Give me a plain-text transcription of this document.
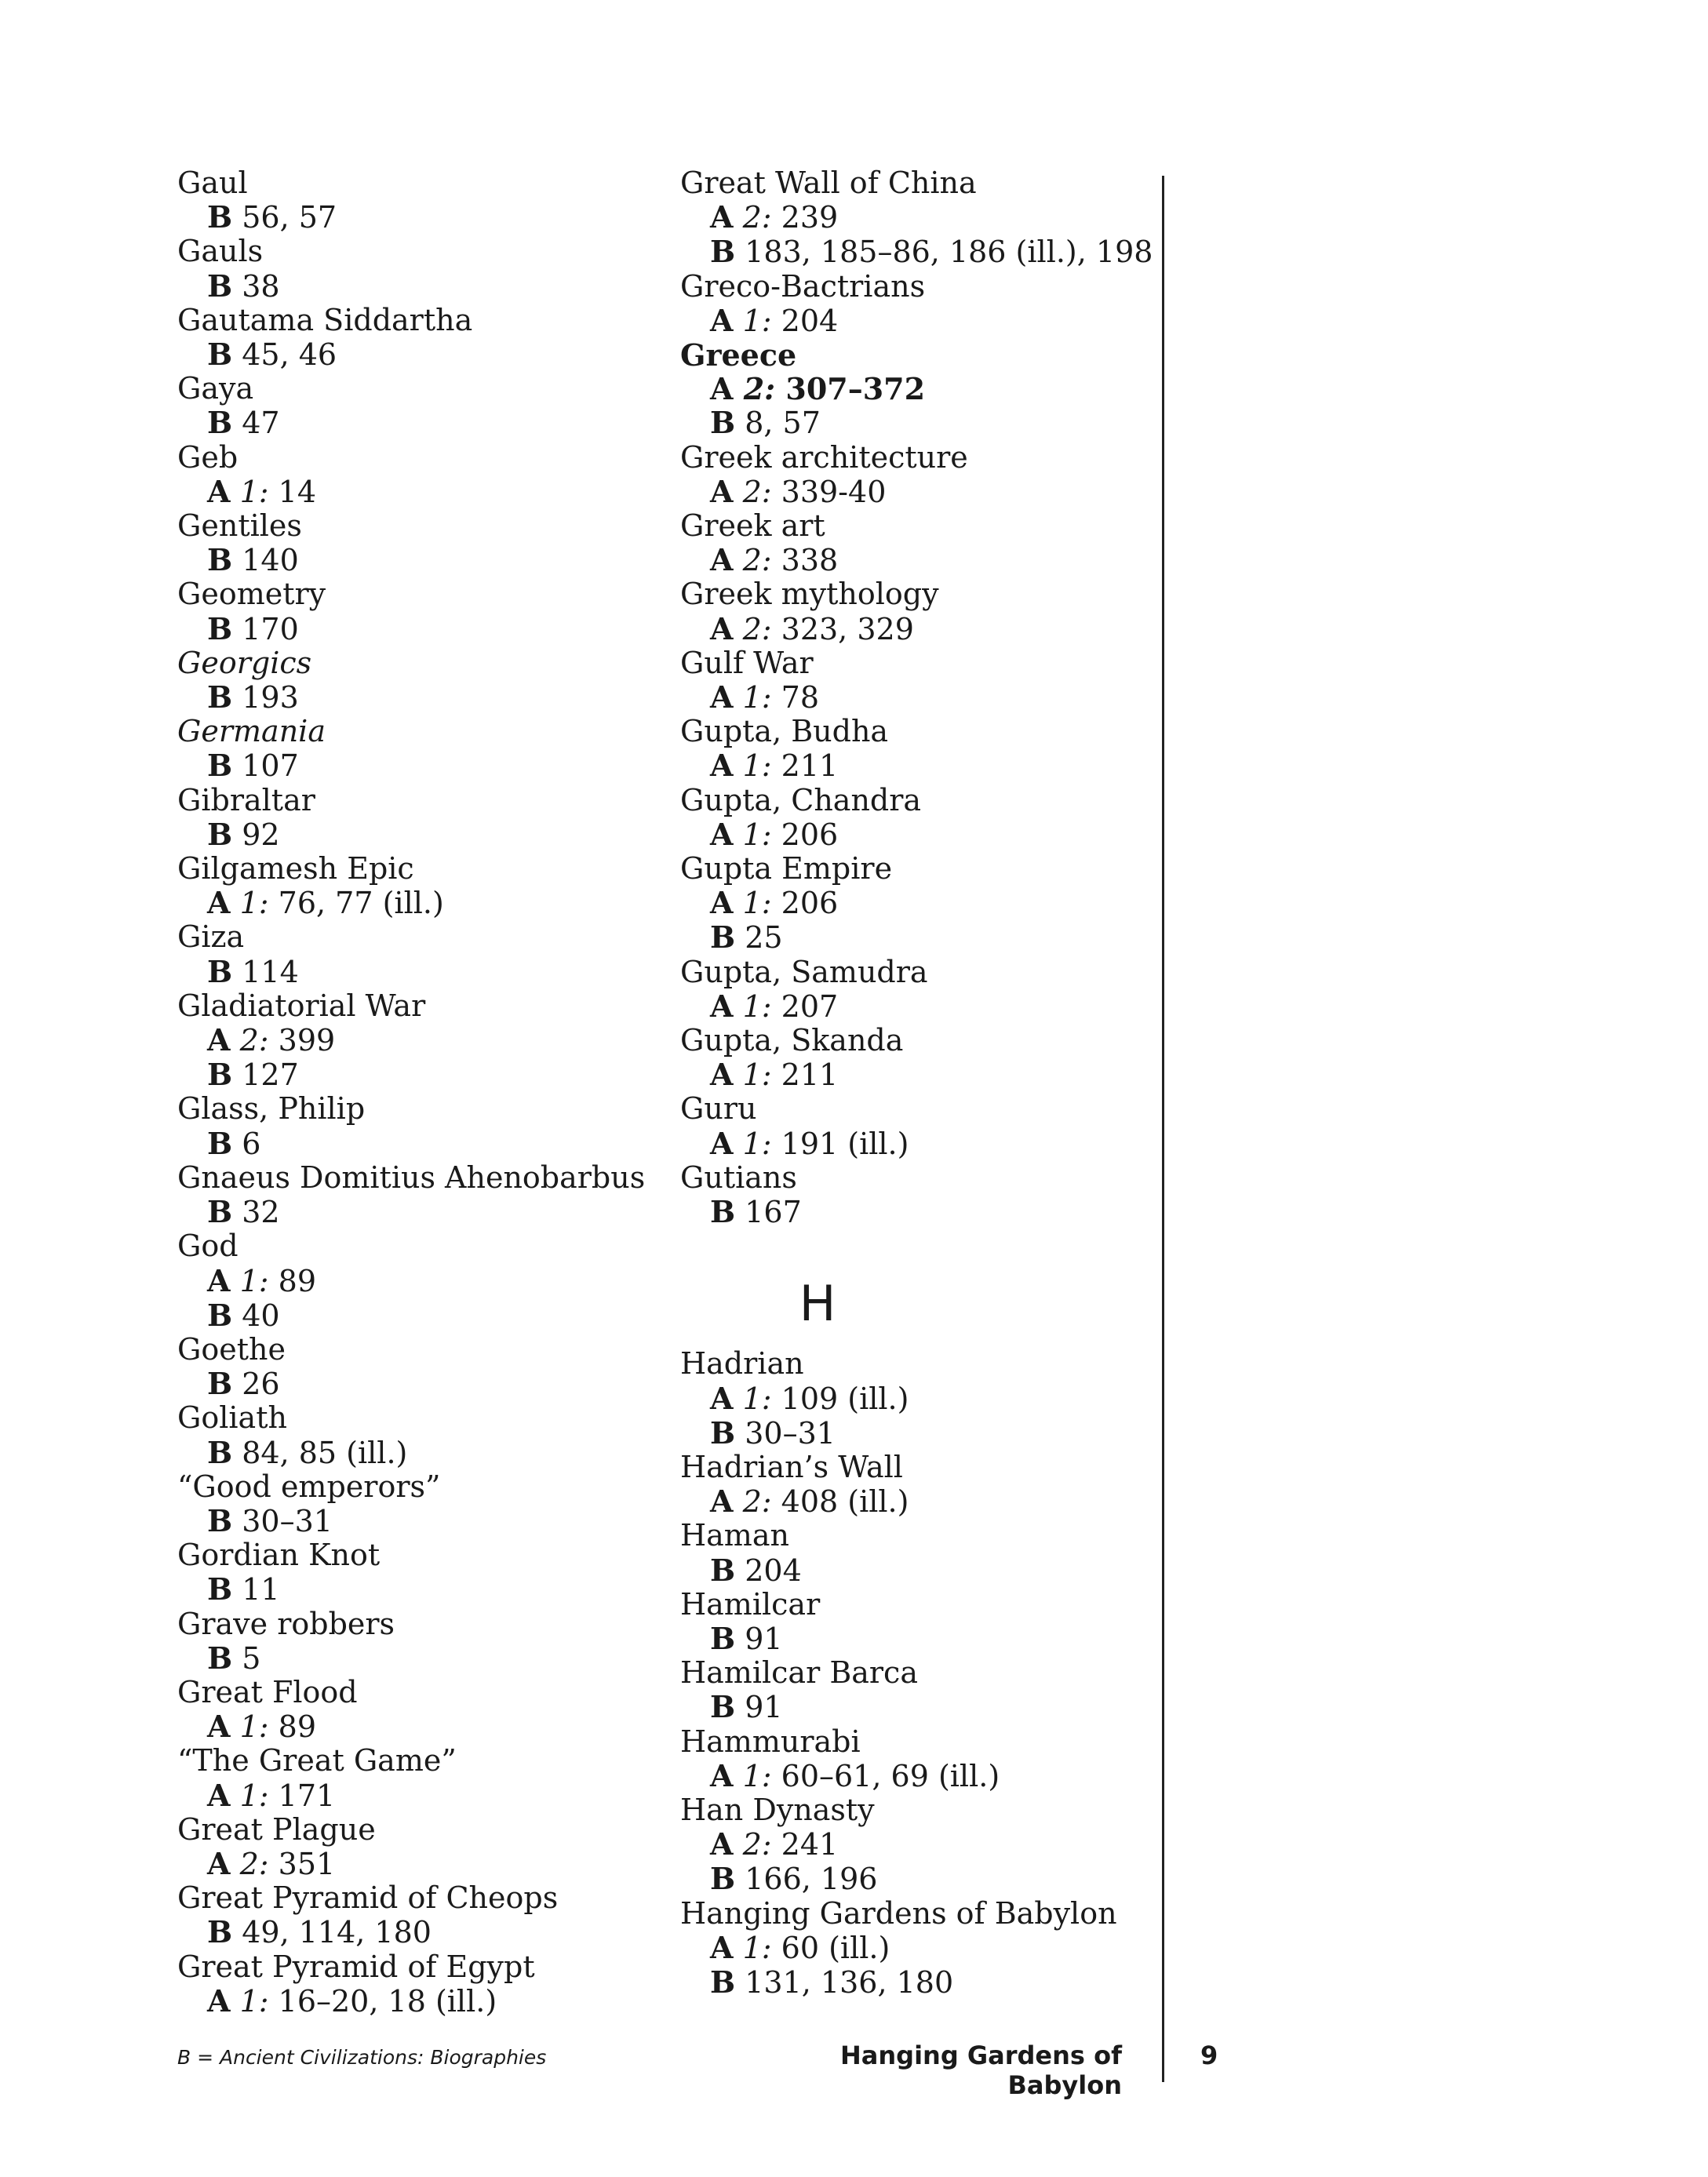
Gaul
B 56, 57
Gauls
B 38
Gautama Siddartha
B 45, 46
Gaya
B 47
Geb
A 1: 14
Gentiles
B 140
Geometry
B 170
Georgics
B 193
Germania
B 107
Gibraltar
B 92
Gilgamesh Epic
A 1: 76, 77 (ill.)
Giza
B 114
Gladiatorial War
A 2: 399
B 127
Glass, Philip
B 6
Gnaeus Domitius Ahenobarbus
B 32
God
A 1: 89
B 40
Goethe
B 26
Goliath
B 84, 85 (ill.)
“Good emperors”
B 30–31
Gordian Knot
B 11
Grave robbers
B 5
Great Flood
A 1: 89
“The Great Game”
A 1: 171
Great Plague
A 2: 351
Great Pyramid of Cheops
B 49, 114, 180
Great Pyramid of Egypt
A 1: 16–20, 18 (ill.)
Great Wall of China
A 2: 239
B 183, 185–86, 186 (ill.), 198
Greco-Bactrians
A 1: 204
Greece
A 2: 307–372
B 8, 57
Greek architecture
A 2: 339-40
Greek art
A 2: 338
Greek mythology
A 2: 323, 329
Gulf War
A 1: 78
Gupta, Budha
A 1: 211
Gupta, Chandra
A 1: 206
Gupta Empire
A 1: 206
B 25
Gupta, Samudra
A 1: 207
Gupta, Skanda
A 1: 211
Guru
A 1: 191 (ill.)
Gutians
B 167
H
Hadrian
A 1: 109 (ill.)
B 30–31
Hadrian’s Wall
A 2: 408 (ill.)
Haman
B 204
Hamilcar
B 91
Hamilcar Barca
B 91
Hammurabi
A 1: 60–61, 69 (ill.)
Han Dynasty
A 2: 241
B 166, 196
Hanging Gardens of Babylon
A 1: 60 (ill.)
B 131, 136, 180
B = Ancient Civilizations: Biographies	Hanging Gardens of Babylon
9
